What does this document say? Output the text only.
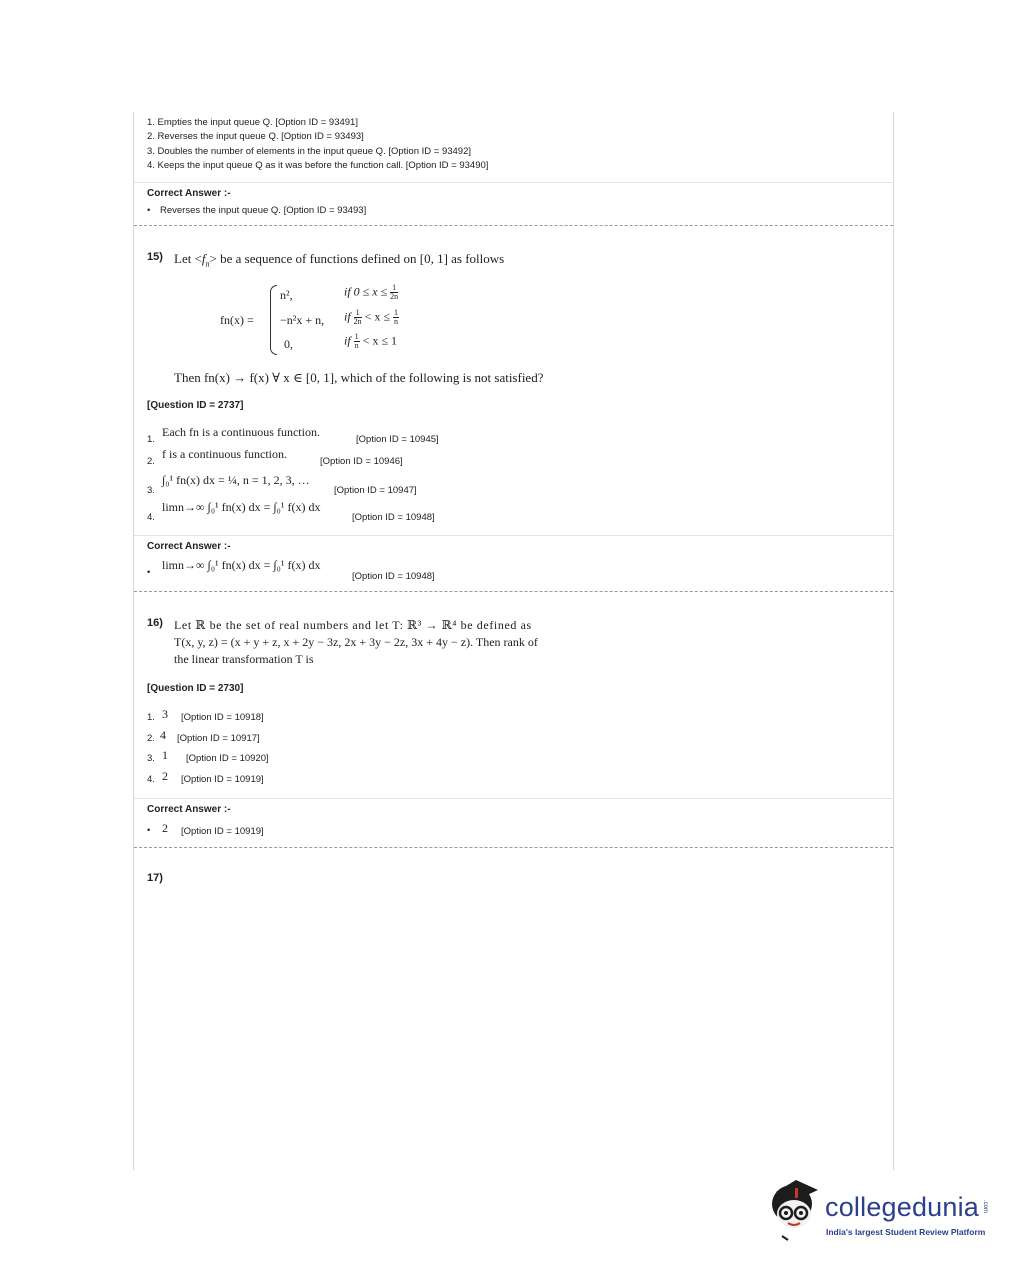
1. Empties the input queue Q. [Option ID = 93491]
2. Reverses the input queue Q. [Option ID = 93493]
3. Doubles the number of elements in the input queue Q. [Option ID = 93492]
4. Keeps the input queue Q as it was before the function call. [Option ID = 93490]
Correct Answer :-
• Reverses the input queue Q. [Option ID = 93493]
15) Let $<f_n>$ be a sequence of functions defined on [0, 1] as follows
fn(x) =
n²,	if $0 \le x \le \frac{1}{2n}$
−n²x + n, if $\frac{1}{2n} < x \le \frac{1}{n}$
0,	if $\frac{1}{n} < x \le 1$
Then fn(x) → f(x) ∀ x ∈ [0, 1], which of the following is not satisfied?
[Question ID = 2737]
1.
Each fn is a continuous function.
[Option ID = 10945]
2.
f is a continuous function.
[Option ID = 10946]
3.
∫₀¹ fn(x) dx = ¼, n = 1, 2, 3, …
[Option ID = 10947]
4.
limn→∞ ∫₀¹ fn(x) dx = ∫₀¹ f(x) dx
[Option ID = 10948]
Correct Answer :-
•
limn→∞ ∫₀¹ fn(x) dx = ∫₀¹ f(x) dx
[Option ID = 10948]
16) Let ℝ be the set of real numbers and let T: ℝ³ → ℝ⁴ be defined as
T(x, y, z) = (x + y + z, x + 2y − 3z, 2x + 3y − 2z, 3x + 4y − z). Then rank of
the linear transformation T is
[Question ID = 2730]
1. 3 [Option ID = 10918]
2. 4 [Option ID = 10917]
3. 1 [Option ID = 10920]
4. 2 [Option ID = 10919]
Correct Answer :-
• 2 [Option ID = 10919]
17)
collegedunia .com
India's largest Student Review Platform
